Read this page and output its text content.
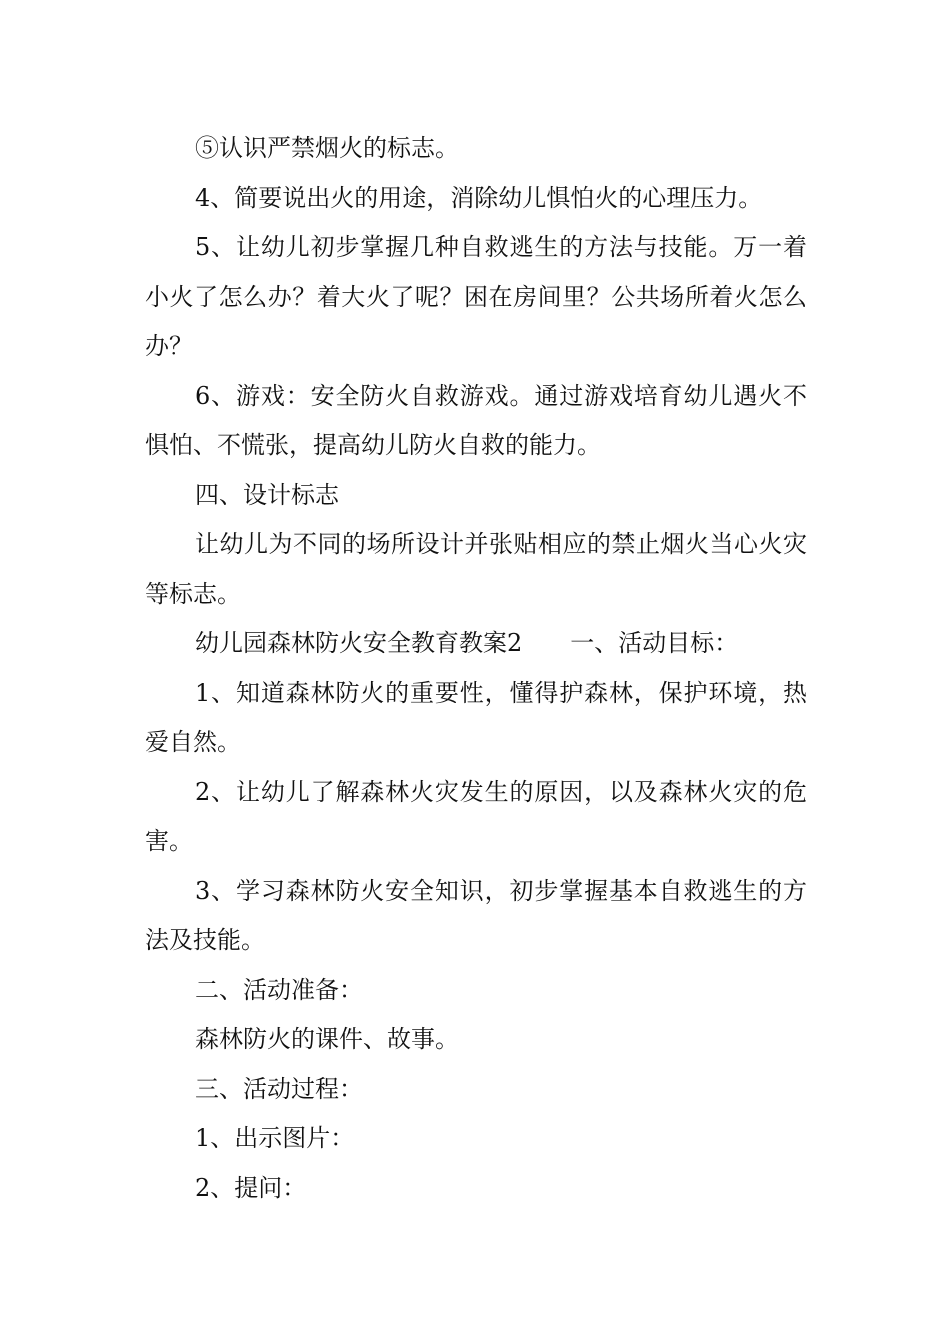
⑤认识严禁烟火的标志。

4、简要说出火的用途，消除幼儿惧怕火的心理压力。

5、让幼儿初步掌握几种自救逃生的方法与技能。万一着小火了怎么办？着大火了呢？困在房间里？公共场所着火怎么办？

6、游戏：安全防火自救游戏。通过游戏培育幼儿遇火不惧怕、不慌张，提高幼儿防火自救的能力。

四、设计标志

让幼儿为不同的场所设计并张贴相应的禁止烟火当心火灾等标志。

幼儿园森林防火安全教育教案2　　一、活动目标：

1、知道森林防火的重要性，懂得护森林，保护环境，热爱自然。

2、让幼儿了解森林火灾发生的原因，以及森林火灾的危害。

3、学习森林防火安全知识，初步掌握基本自救逃生的方法及技能。

二、活动准备：

森林防火的课件、故事。

三、活动过程：

1、出示图片：

2、提问：
